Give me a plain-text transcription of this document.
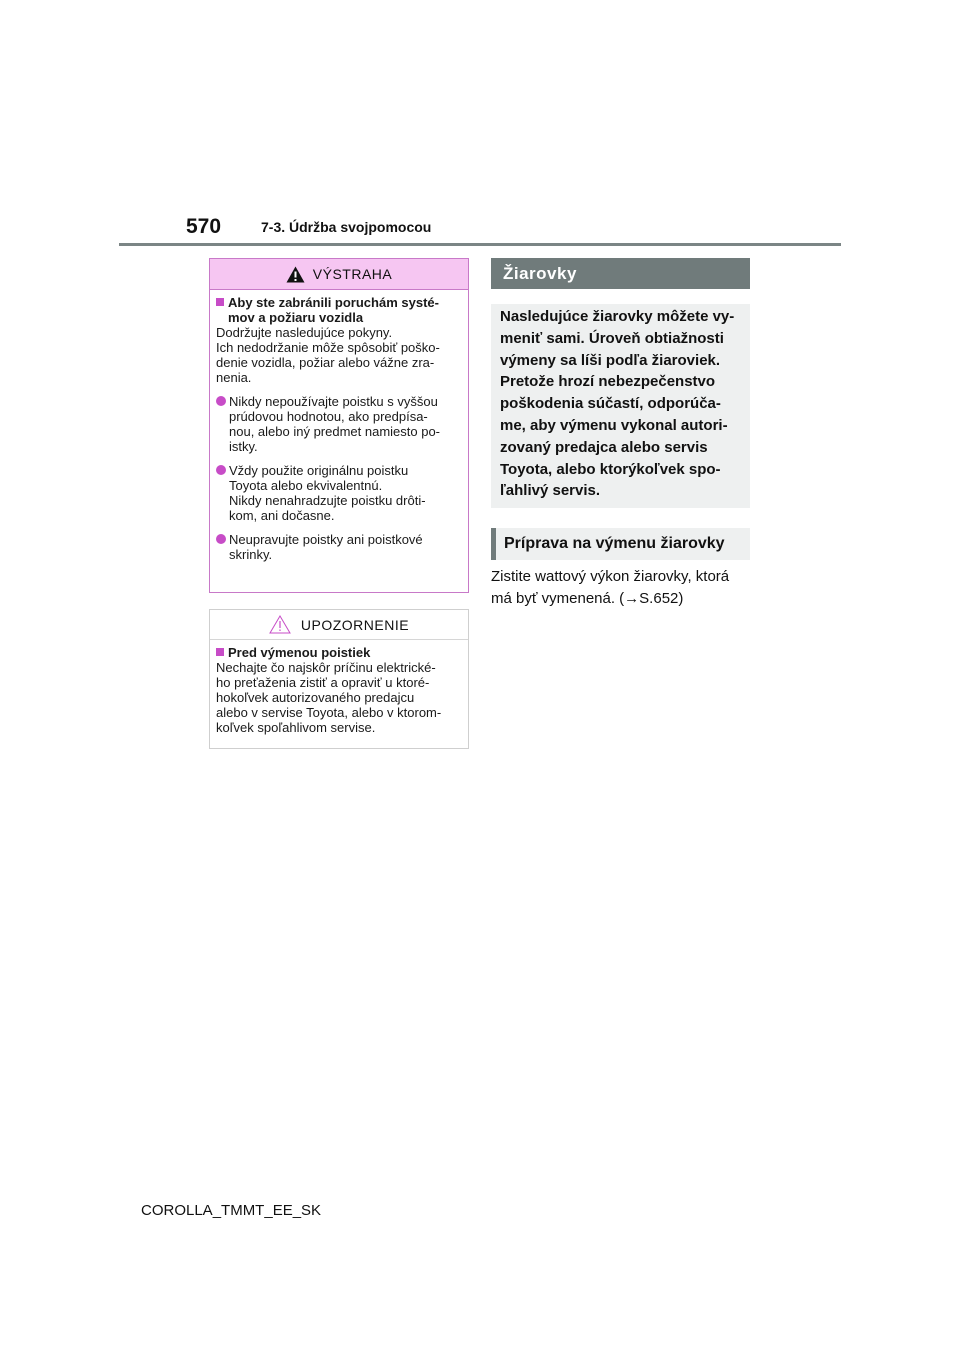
570	7-3. Údržba svojpomocou
VÝSTRAHA
Aby ste zabránili poruchám systé-
mov a požiaru vozidla

Dodržujte nasledujúce pokyny.
Ich nedodržanie môže spôsobiť poško-
denie vozidla, požiar alebo vážne zra-
nenia.

Nikdy nepoužívajte poistku s vyššou
prúdovou hodnotou, ako predpísa-
nou, alebo iný predmet namiesto po-
istky.
Vždy použite originálnu poistku
Toyota alebo ekvivalentnú.
Nikdy nenahradzujte poistku drôti-
kom, ani dočasne.
Neupravujte poistky ani poistkové
skrinky.
UPOZORNENIE
Pred výmenou poistiek

Nechajte čo najskôr príčinu elektrické-
ho preťaženia zistiť a opraviť u ktoré-
hokoľvek autorizovaného predajcu
alebo v servise Toyota, alebo v ktorom-
koľvek spoľahlivom servise.

Žiarovky
Nasledujúce žiarovky môžete vy-
meniť sami. Úroveň obtiažnosti
výmeny sa líši podľa žiaroviek.
Pretože hrozí nebezpečenstvo
poškodenia súčastí, odporúča-
me, aby výmenu vykonal autori-
zovaný predajca alebo servis
Toyota, alebo ktorýkoľvek spo-
ľahlivý servis.
Príprava na výmenu žiarovky
Zistite wattový výkon žiarovky, ktorá
má byť vymenená. (→S.652)
COROLLA_TMMT_EE_SK
